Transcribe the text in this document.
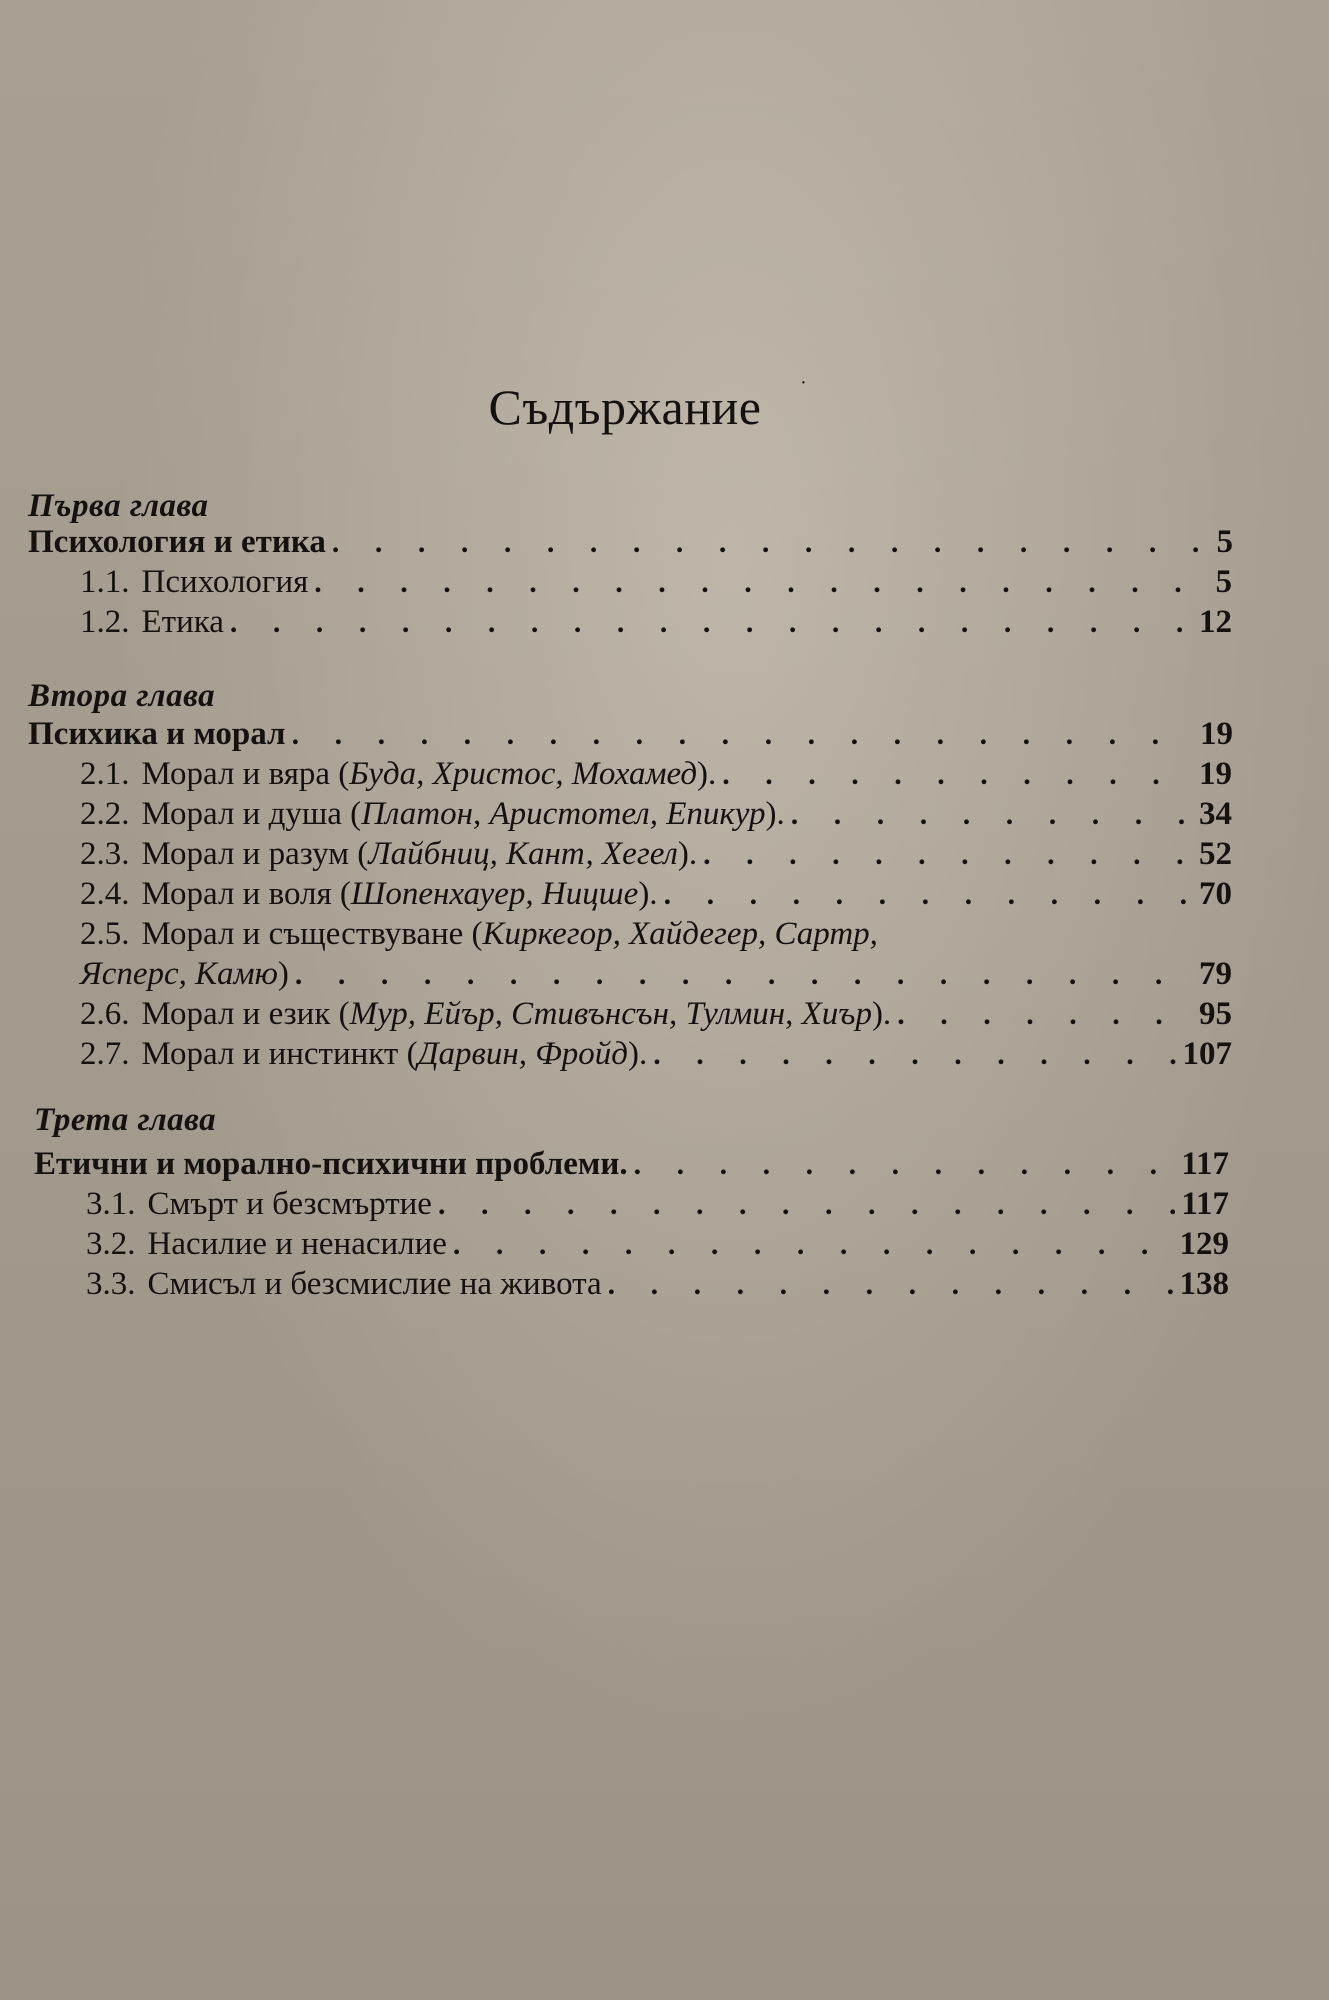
Съдържание	·
Първа глава
Психология и етика . . .	5
1.1. Психология . . .	5
1.2. Етика . . .	12
Втора глава
Психика и морал . . .	19
2.1. Морал и вяра (Буда, Христос, Мохамед). . . .	19
2.2. Морал и душа (Платон, Аристотел, Епикур). . . .	34
2.3. Морал и разум (Лайбниц, Кант, Хегел). . . .	52
2.4. Морал и воля (Шопенхауер, Ницше). . . .	70
2.5. Морал и съществуване (Киркегор, Хайдегер, Сартр,
Ясперс, Камю) . . .	79
2.6. Морал и език (Мур, Ейър, Стивънсън, Тулмин, Хиър). . . .	95
2.7. Морал и инстинкт (Дарвин, Фройд). . . .	107
Трета глава
Етични и морално-психични проблеми. . . .	117
3.1. Смърт и безсмъртие . . .	117
3.2. Насилие и ненасилие . . .	129
3.3. Смисъл и безсмислие на живота . . .	138
